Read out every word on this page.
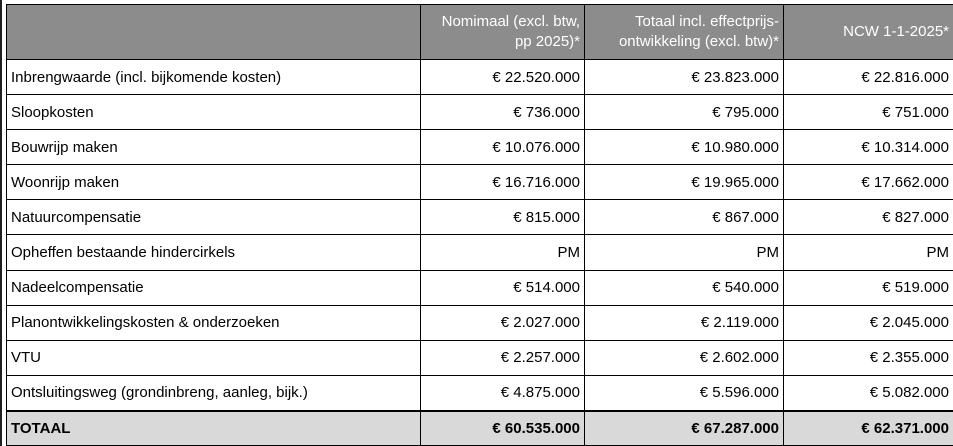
	Nomimaal (excl. btw, pp 2025)*	Totaal incl. effectprijs-ontwikkeling (excl. btw)*	NCW 1-1-2025*
Inbrengwaarde (incl. bijkomende kosten)	€ 22.520.000	€ 23.823.000	€ 22.816.000
Sloopkosten	€ 736.000	€ 795.000	€ 751.000
Bouwrijp maken	€ 10.076.000	€ 10.980.000	€ 10.314.000
Woonrijp maken	€ 16.716.000	€ 19.965.000	€ 17.662.000
Natuurcompensatie	€ 815.000	€ 867.000	€ 827.000
Opheffen bestaande hindercirkels	PM	PM	PM
Nadeelcompensatie	€ 514.000	€ 540.000	€ 519.000
Planontwikkelingskosten & onderzoeken	€ 2.027.000	€ 2.119.000	€ 2.045.000
VTU	€ 2.257.000	€ 2.602.000	€ 2.355.000
Ontsluitingsweg (grondinbreng, aanleg, bijk.)	€ 4.875.000	€ 5.596.000	€ 5.082.000
TOTAAL	€ 60.535.000	€ 67.287.000	€ 62.371.000
